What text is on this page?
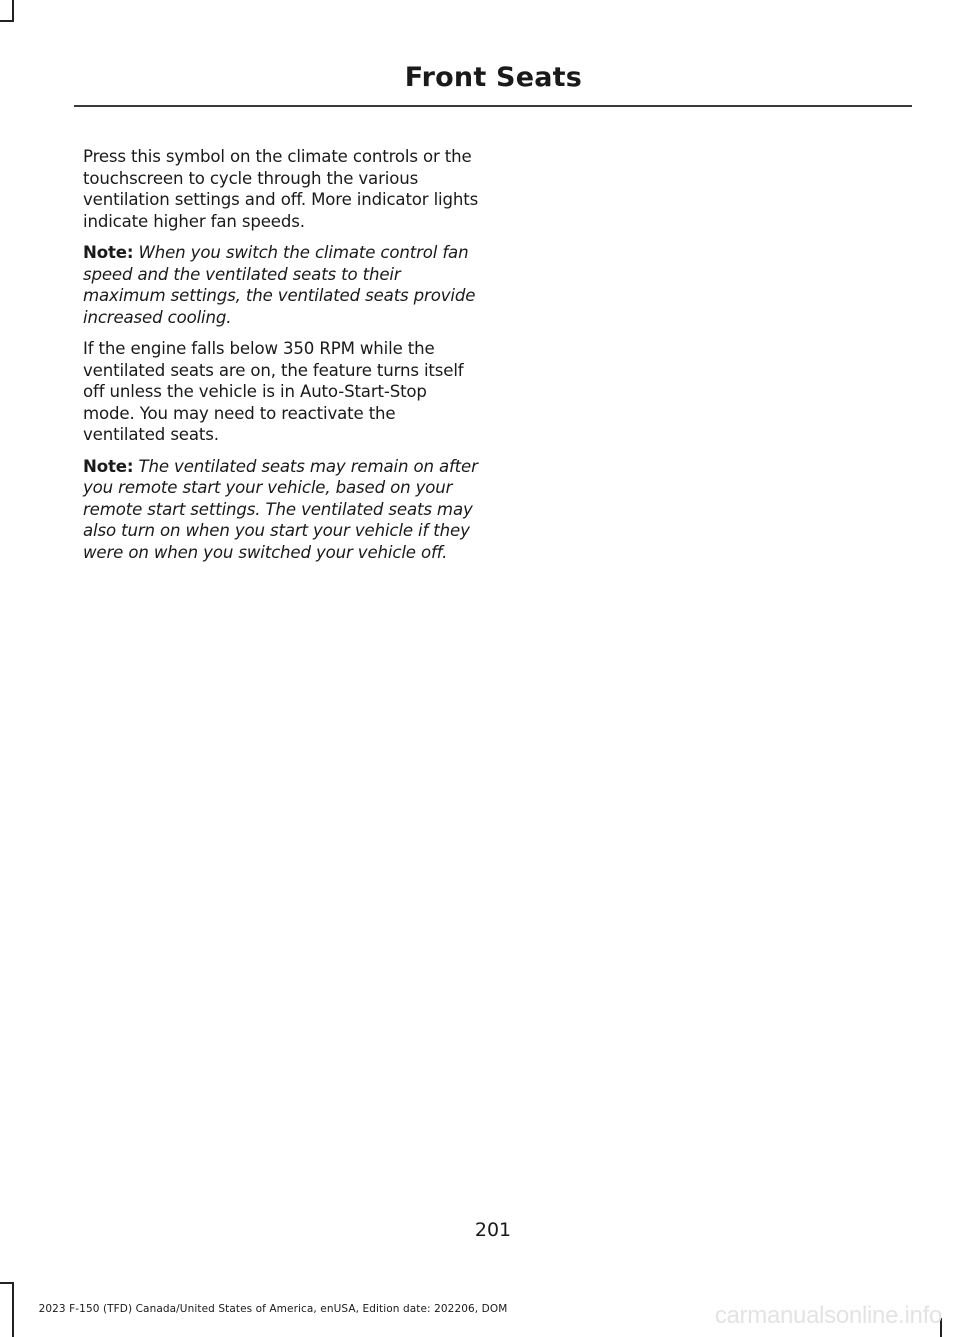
Front Seats

Press this symbol on the climate controls or the touchscreen to cycle through the various ventilation settings and off. More indicator lights indicate higher fan speeds.

Note: When you switch the climate control fan speed and the ventilated seats to their maximum settings, the ventilated seats provide increased cooling.

If the engine falls below 350 RPM while the ventilated seats are on, the feature turns itself off unless the vehicle is in Auto-Start-Stop mode. You may need to reactivate the ventilated seats.

Note: The ventilated seats may remain on after you remote start your vehicle, based on your remote start settings. The ventilated seats may also turn on when you start your vehicle if they were on when you switched your vehicle off.

201
2023 F-150 (TFD) Canada/United States of America, enUSA, Edition date: 202206, DOM	carmanualsonline.info
